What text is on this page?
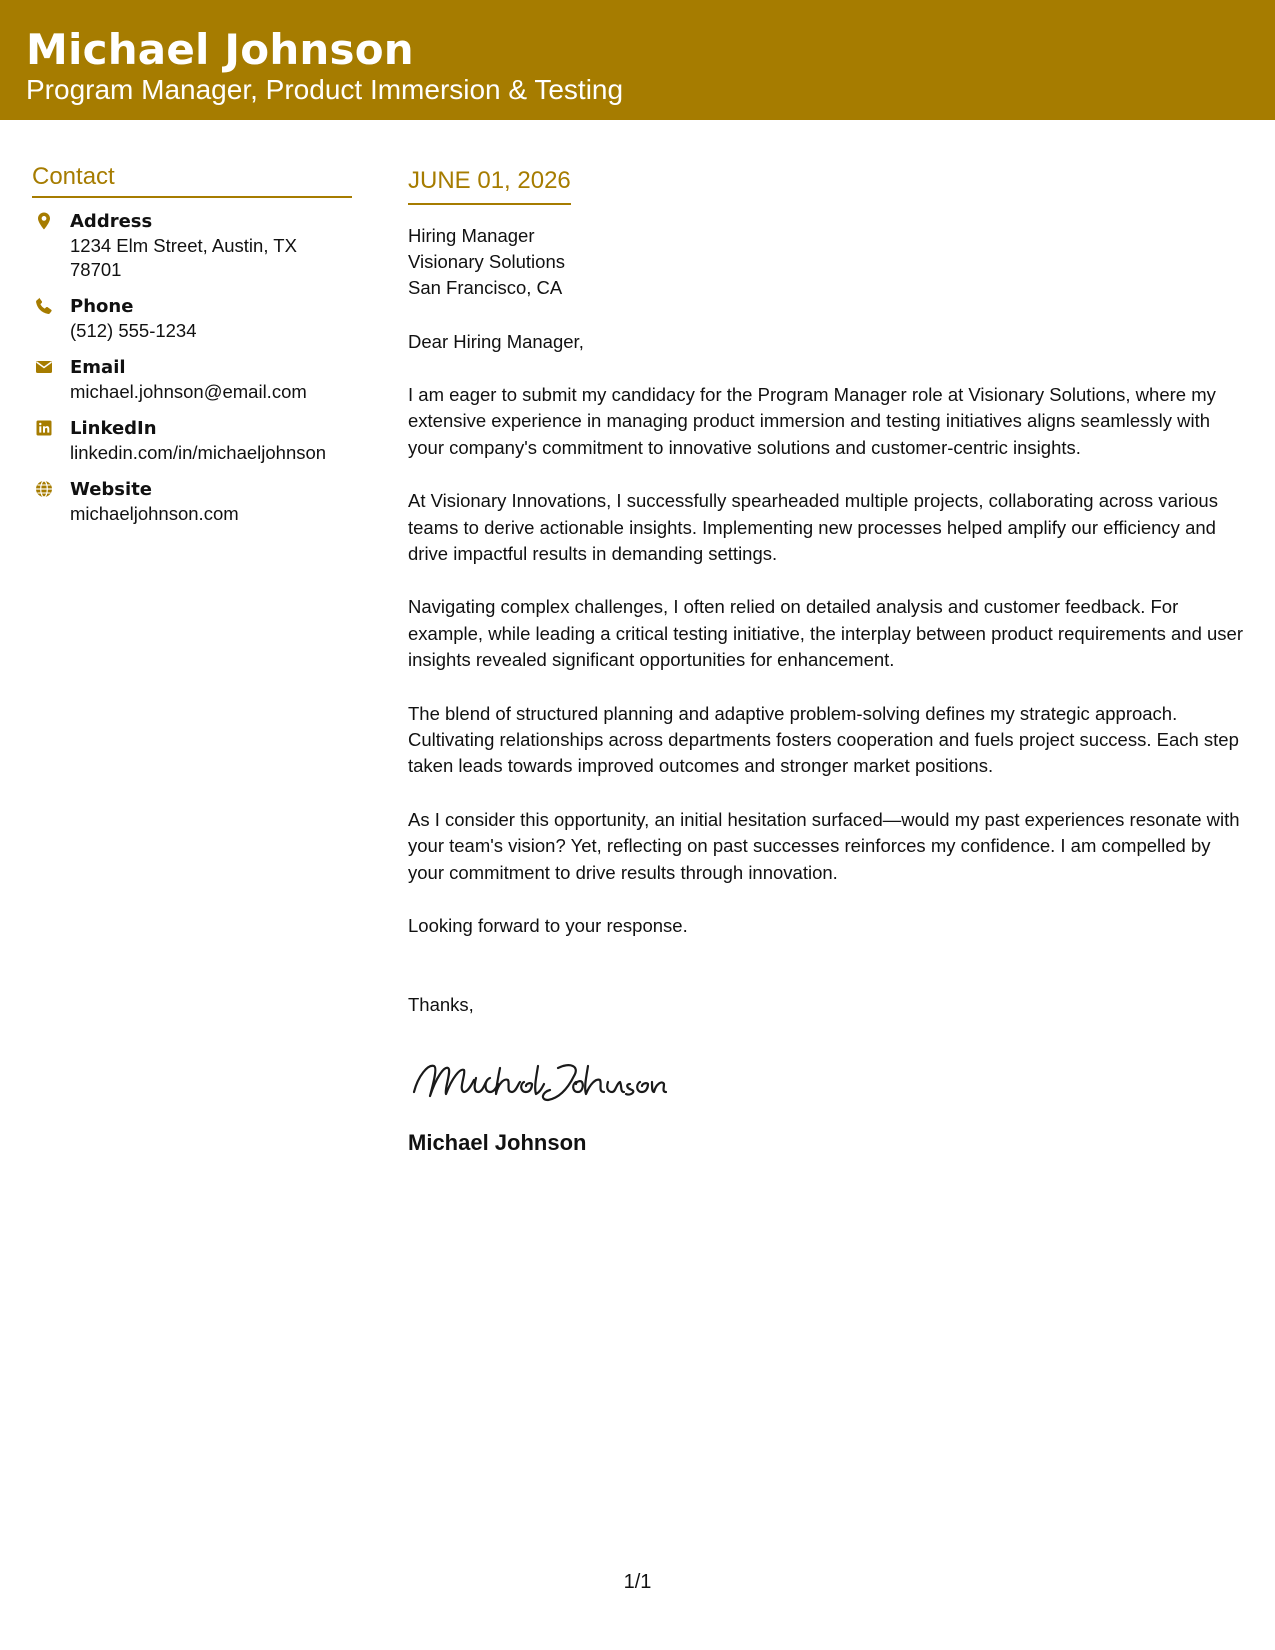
Michael Johnson
Program Manager, Product Immersion & Testing
Contact
Address
1234 Elm Street, Austin, TX
78701
Phone
(512) 555-1234
Email
michael.johnson@email.com
LinkedIn
linkedin.com/in/michaeljohnson
Website
michaeljohnson.com
JUNE 01, 2026
Hiring Manager
Visionary Solutions
San Francisco, CA
Dear Hiring Manager,
I am eager to submit my candidacy for the Program Manager role at Visionary Solutions, where my extensive experience in managing product immersion and testing initiatives aligns seamlessly with your company's commitment to innovative solutions and customer-centric insights.
At Visionary Innovations, I successfully spearheaded multiple projects, collaborating across various teams to derive actionable insights. Implementing new processes helped amplify our efficiency and drive impactful results in demanding settings.
Navigating complex challenges, I often relied on detailed analysis and customer feedback. For example, while leading a critical testing initiative, the interplay between product requirements and user insights revealed significant opportunities for enhancement.
The blend of structured planning and adaptive problem-solving defines my strategic approach. Cultivating relationships across departments fosters cooperation and fuels project success. Each step taken leads towards improved outcomes and stronger market positions.
As I consider this opportunity, an initial hesitation surfaced—would my past experiences resonate with your team's vision? Yet, reflecting on past successes reinforces my confidence. I am compelled by your commitment to drive results through innovation.
Looking forward to your response.
Thanks,
Michael Johnson
1/1
